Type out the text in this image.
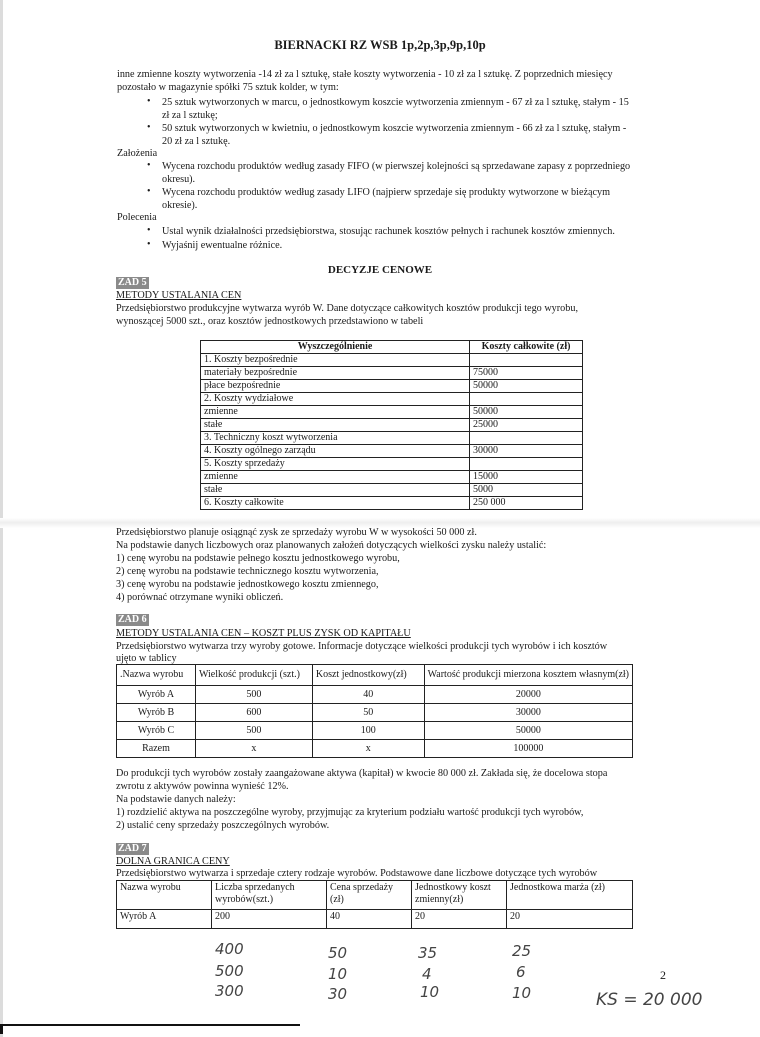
BIERNACKI RZ WSB 1p,2p,3p,9p,10p
inne zmienne koszty wytworzenia -14 zł za l sztukę, stałe koszty wytworzenia - 10 zł za l sztukę. Z poprzednich miesięcy
pozostało w magazynie spółki 75 sztuk kolder, w tym:
• 25 sztuk wytworzonych w marcu, o jednostkowym koszcie wytworzenia zmiennym - 67 zł za l sztukę, stałym - 15
zł za l sztukę;
• 50 sztuk wytworzonych w kwietniu, o jednostkowym koszcie wytworzenia zmiennym - 66 zł za l sztukę, stałym -
20 zł za l sztukę.
Założenia
• Wycena rozchodu produktów według zasady FIFO (w pierwszej kolejności są sprzedawane zapasy z poprzedniego
okresu).
• Wycena rozchodu produktów według zasady LIFO (najpierw sprzedaje się produkty wytworzone w bieżącym
okresie).
Polecenia
• Ustal wynik działalności przedsiębiorstwa, stosując rachunek kosztów pełnych i rachunek kosztów zmiennych.
• Wyjaśnij ewentualne różnice.
DECYZJE CENOWE
ZAD 5
METODY USTALANIA CEN
Przedsiębiorstwo produkcyjne wytwarza wyrób W. Dane dotyczące całkowitych kosztów produkcji tego wyrobu,
wynoszącej 5000 szt., oraz kosztów jednostkowych przedstawiono w tabeli
Wyszczególnienie	Koszty całkowite (zł)
1. Koszty bezpośrednie	
materiały bezpośrednie	75000
płace bezpośrednie	50000
2. Koszty wydziałowe	
zmienne	50000
stałe	25000
3. Techniczny koszt wytworzenia	
4. Koszty ogólnego zarządu	30000
5. Koszty sprzedaży	
zmienne	15000
stałe	5000
6. Koszty całkowite	250 000
Przedsiębiorstwo planuje osiągnąć zysk ze sprzedaży wyrobu W w wysokości 50 000 zł.
Na podstawie danych liczbowych oraz planowanych założeń dotyczących wielkości zysku należy ustalić:
1) cenę wyrobu na podstawie pełnego kosztu jednostkowego wyrobu,
2) cenę wyrobu na podstawie technicznego kosztu wytworzenia,
3) cenę wyrobu na podstawie jednostkowego kosztu zmiennego,
4) porównać otrzymane wyniki obliczeń.
ZAD 6
METODY USTALANIA CEN – KOSZT PLUS ZYSK OD KAPITAŁU
Przedsiębiorstwo wytwarza trzy wyroby gotowe. Informacje dotyczące wielkości produkcji tych wyrobów i ich kosztów
ujęto w tablicy
.Nazwa wyrobu	Wielkość produkcji (szt.)	Koszt jednostkowy(zł)	Wartość produkcji mierzona kosztem własnym(zł)
Wyrób A	500	40	20000
Wyrób B	600	50	30000
Wyrób C	500	100	50000
Razem	x	x	100000
Do produkcji tych wyrobów zostały zaangażowane aktywa (kapitał) w kwocie 80 000 zł. Zakłada się, że docelowa stopa
zwrotu z aktywów powinna wynieść 12%.
Na podstawie danych należy:
1) rozdzielić aktywa na poszczególne wyroby, przyjmując za kryterium podziału wartość produkcji tych wyrobów,
2) ustalić ceny sprzedaży poszczególnych wyrobów.
ZAD 7
DOLNA GRANICA CENY
Przedsiębiorstwo wytwarza i sprzedaje cztery rodzaje wyrobów. Podstawowe dane liczbowe dotyczące tych wyrobów
Nazwa wyrobu	Liczba sprzedanych wyrobów(szt.)	Cena sprzedaży (zł)	Jednostkowy koszt zmienny(zł)	Jednostkowa marża (zł)
Wyrób A	200	40	20	20
400
500
300
50
10
30
35
4
10
25
6
10
2
KS = 20 000
